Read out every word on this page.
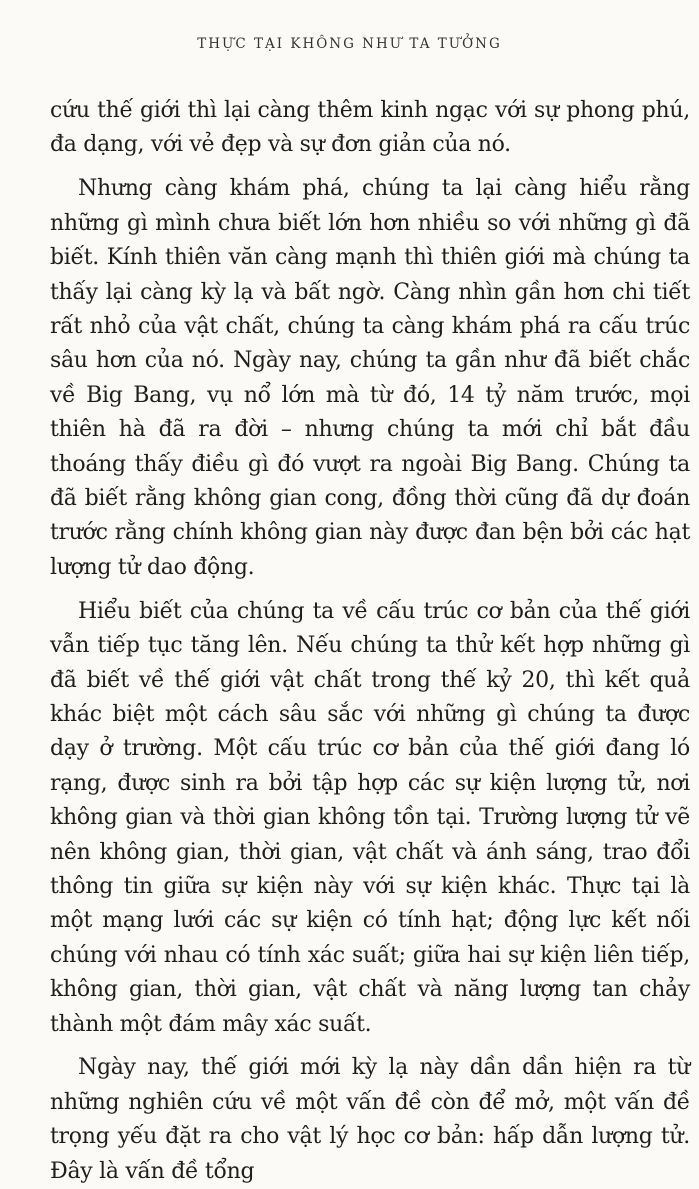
THỰC TẠI KHÔNG NHƯ TA TƯỞNG

cứu thế giới thì lại càng thêm kinh ngạc với sự phong phú, đa dạng, với vẻ đẹp và sự đơn giản của nó.

Nhưng càng khám phá, chúng ta lại càng hiểu rằng những gì mình chưa biết lớn hơn nhiều so với những gì đã biết. Kính thiên văn càng mạnh thì thiên giới mà chúng ta thấy lại càng kỳ lạ và bất ngờ. Càng nhìn gần hơn chi tiết rất nhỏ của vật chất, chúng ta càng khám phá ra cấu trúc sâu hơn của nó. Ngày nay, chúng ta gần như đã biết chắc về Big Bang, vụ nổ lớn mà từ đó, 14 tỷ năm trước, mọi thiên hà đã ra đời – nhưng chúng ta mới chỉ bắt đầu thoáng thấy điều gì đó vượt ra ngoài Big Bang. Chúng ta đã biết rằng không gian cong, đồng thời cũng đã dự đoán trước rằng chính không gian này được đan bện bởi các hạt lượng tử dao động.

Hiểu biết của chúng ta về cấu trúc cơ bản của thế giới vẫn tiếp tục tăng lên. Nếu chúng ta thử kết hợp những gì đã biết về thế giới vật chất trong thế kỷ 20, thì kết quả khác biệt một cách sâu sắc với những gì chúng ta được dạy ở trường. Một cấu trúc cơ bản của thế giới đang ló rạng, được sinh ra bởi tập hợp các sự kiện lượng tử, nơi không gian và thời gian không tồn tại. Trường lượng tử vẽ nên không gian, thời gian, vật chất và ánh sáng, trao đổi thông tin giữa sự kiện này với sự kiện khác. Thực tại là một mạng lưới các sự kiện có tính hạt; động lực kết nối chúng với nhau có tính xác suất; giữa hai sự kiện liên tiếp, không gian, thời gian, vật chất và năng lượng tan chảy thành một đám mây xác suất.

Ngày nay, thế giới mới kỳ lạ này dần dần hiện ra từ những nghiên cứu về một vấn đề còn để mở, một vấn đề trọng yếu đặt ra cho vật lý học cơ bản: hấp dẫn lượng tử. Đây là vấn đề tổng
